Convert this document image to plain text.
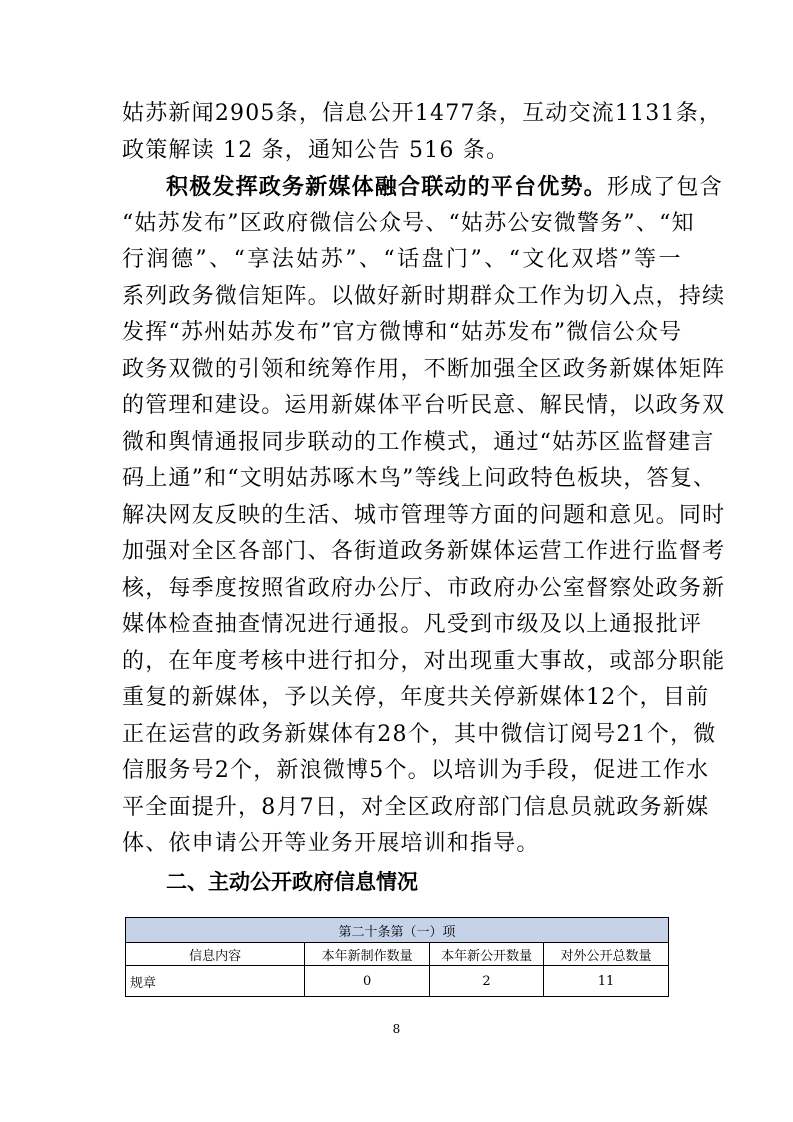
姑 苏 新 闻 2 9 0 5 条 ， 信 息 公 开 1 4 7 7 条 ， 互 动 交 流 1 1 3 1 条 ，
政策解读 12 条，通知公告 516 条。
积极发挥政务新媒体融合联动的平台优势。形成了包含
“ 姑 苏 发 布 ” 区 政 府 微 信 公 众 号 、 “ 姑 苏 公 安 微 警 务 ” 、 “ 知
行 润 德 ” 、 “ 享 法 姑 苏 ” 、 “ 话 盘 门 ” 、 “ 文 化 双 塔 ” 等 一
系 列 政 务 微 信 矩 阵 。 以 做 好 新 时 期 群 众 工 作 为 切 入 点 ， 持 续
发 挥 “ 苏 州 姑 苏 发 布 ” 官 方 微 博 和 “ 姑 苏 发 布 ” 微 信 公 众 号
政 务 双 微 的 引 领 和 统 筹 作 用 ， 不 断 加 强 全 区 政 务 新 媒 体 矩 阵
的 管 理 和 建 设 。 运 用 新 媒 体 平 台 听 民 意 、 解 民 情 ， 以 政 务 双
微 和 舆 情 通 报 同 步 联 动 的 工 作 模 式 ， 通 过 “ 姑 苏 区 监 督 建 言
码 上 通 ” 和 “ 文 明 姑 苏 啄 木 鸟 ” 等 线 上 问 政 特 色 板 块 ， 答 复 、
解 决 网 友 反 映 的 生 活 、 城 市 管 理 等 方 面 的 问 题 和 意 见 。 同 时
加 强 对 全 区 各 部 门 、 各 街 道 政 务 新 媒 体 运 营 工 作 进 行 监 督 考
核 ， 每 季 度 按 照 省 政 府 办 公 厅 、 市 政 府 办 公 室 督 察 处 政 务 新
媒 体 检 查 抽 查 情 况 进 行 通 报 。 凡 受 到 市 级 及 以 上 通 报 批 评
的 ， 在 年 度 考 核 中 进 行 扣 分 ， 对 出 现 重 大 事 故 ， 或 部 分 职 能
重 复 的 新 媒 体 ， 予 以 关 停 ， 年 度 共 关 停 新 媒 体 1 2 个 ， 目 前
正 在 运 营 的 政 务 新 媒 体 有 2 8 个 ， 其 中 微 信 订 阅 号 2 1 个 ， 微
信 服 务 号 2 个 ， 新 浪 微 博 5 个 。 以 培 训 为 手 段 ， 促 进 工 作 水
平 全 面 提 升 ， 8 月 7 日 ， 对 全 区 政 府 部 门 信 息 员 就 政 务 新 媒
体、依申请公开等业务开展培训和指导。
二、主动公开政府信息情况
第二十条第（一）项			
信息内容	本年新制作数量	本年新公开数量	对外公开总数量
规章	0	2	11
8
